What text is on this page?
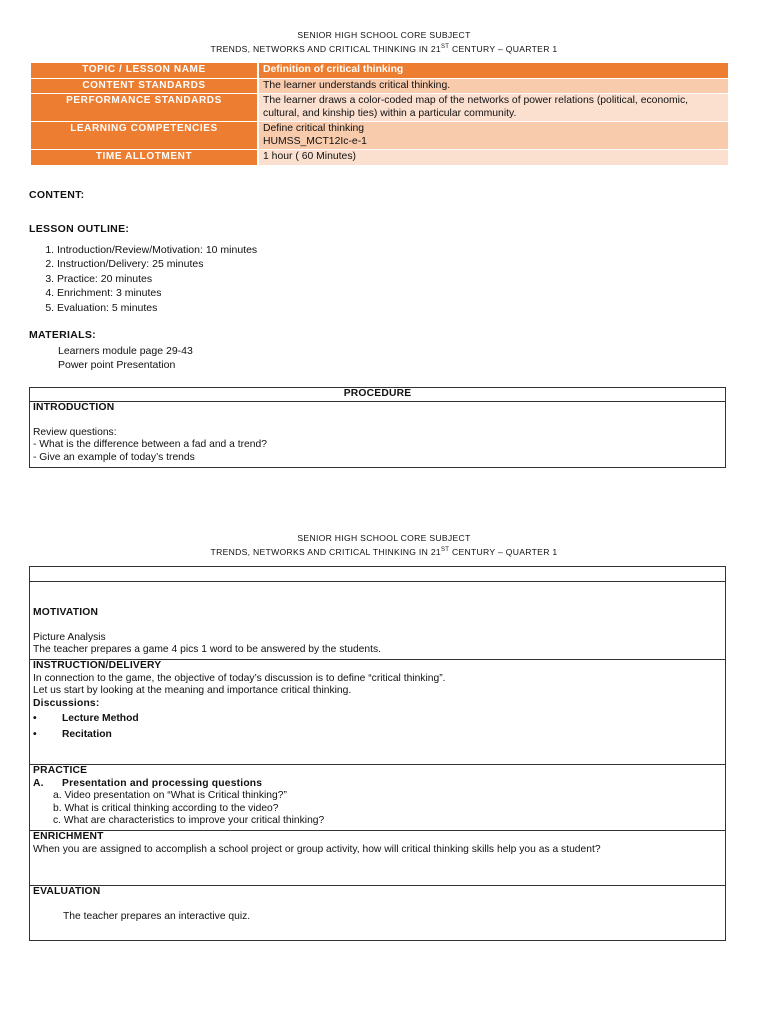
SENIOR HIGH SCHOOL CORE SUBJECT
TRENDS, NETWORKS AND CRITICAL THINKING IN 21ST CENTURY – QUARTER 1
TOPIC / LESSON NAME	Definition of critical thinking
CONTENT STANDARDS	The learner understands critical thinking.
PERFORMANCE STANDARDS	The learner draws a color-coded map of the networks of power relations (political, economic, cultural, and kinship ties) within a particular community.
LEARNING COMPETENCIES	Define critical thinking
HUMSS_MCT12Ic-e-1

TIME ALLOTMENT	1 hour ( 60 Minutes)
CONTENT:
LESSON OUTLINE:
1. Introduction/Review/Motivation: 10 minutes
2. Instruction/Delivery: 25 minutes
3. Practice: 20 minutes
4. Enrichment: 3 minutes
5. Evaluation: 5 minutes
MATERIALS:
Learners module page 29-43
Power point Presentation
PROCEDURE
INTRODUCTION
Review questions:
- What is the difference between a fad and a trend?
- Give an example of today’s trends
SENIOR HIGH SCHOOL CORE SUBJECT
TRENDS, NETWORKS AND CRITICAL THINKING IN 21ST CENTURY – QUARTER 1
MOTIVATION
Picture Analysis
The teacher prepares a game 4 pics 1 word to be answered by the students.
INSTRUCTION/DELIVERY
In connection to the game, the objective of today’s discussion is to define “critical thinking”.
Let us start by looking at the meaning and importance critical thinking.
Discussions:
•	Lecture Method
•	Recitation
PRACTICE
A.	Presentation and processing questions
a. Video presentation on “What is Critical thinking?”
b. What is critical thinking according to the video?
c. What are characteristics to improve your critical thinking?
ENRICHMENT
When you are assigned to accomplish a school project or group activity, how will critical thinking skills help you as a student?
EVALUATION
The teacher prepares an interactive quiz.
